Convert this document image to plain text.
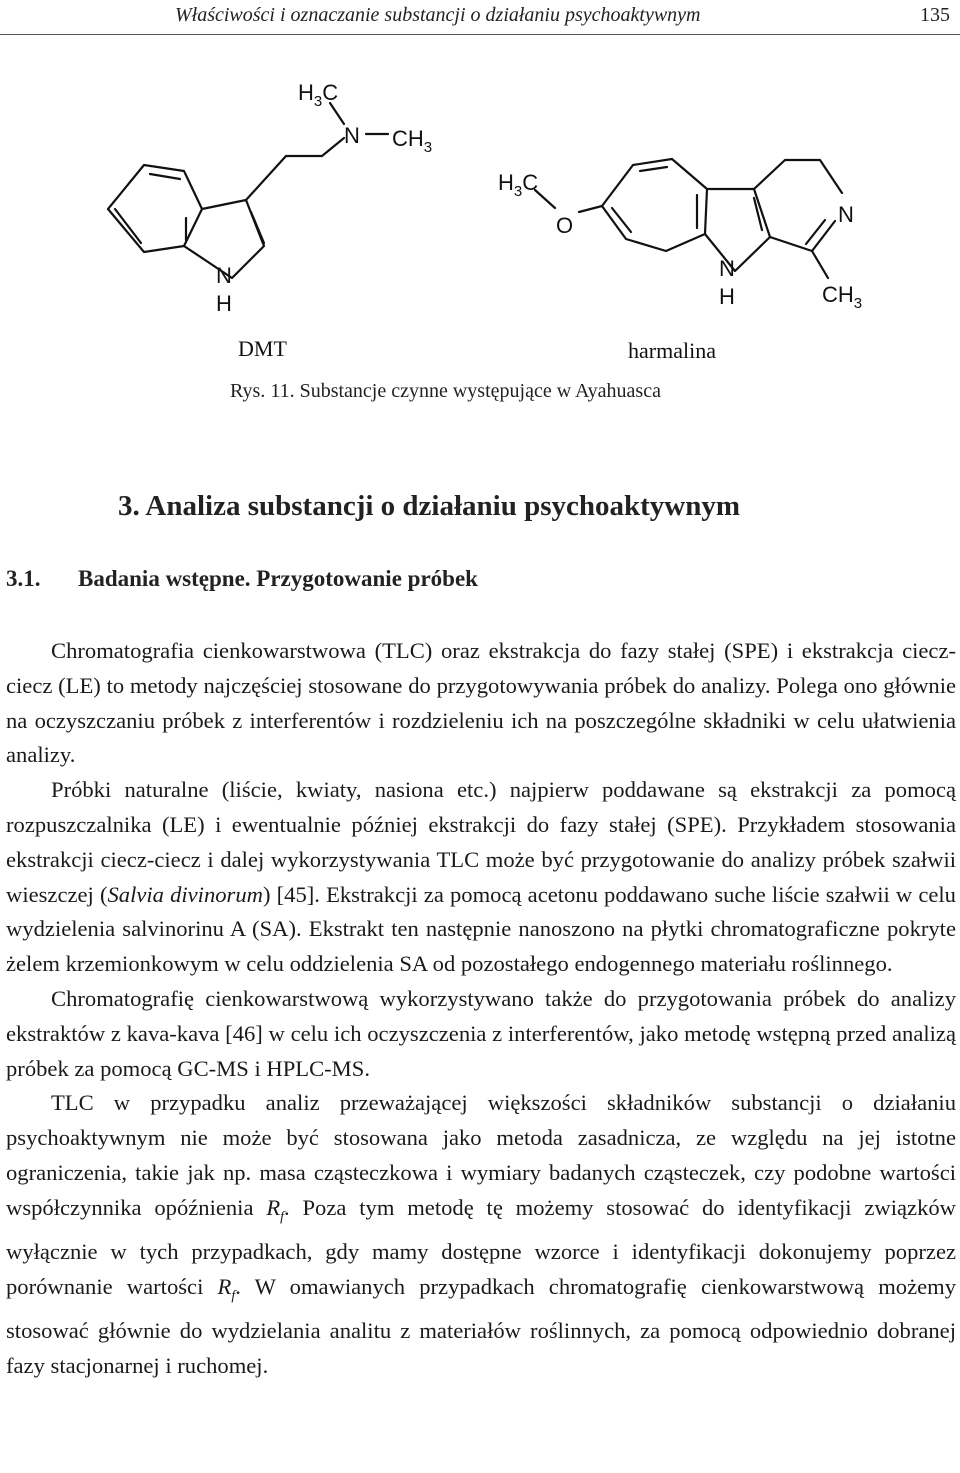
Właściwości i oznaczanie substancji o działaniu psychoaktywnym	135
$H_3C$
N $CH_3$
N
H
$H_3C$
O
N
H
N
$CH_3$
DMT	harmalina
Rys. 11. Substancje czynne występujące w Ayahuasca
3. Analiza substancji o działaniu psychoaktywnym
3.1. Badania wstępne. Przygotowanie próbek

Chromatografia cienkowarstwowa (TLC) oraz ekstrakcja do fazy stałej (SPE) i ekstrakcja ciecz-ciecz (LE) to metody najczęściej stosowane do przygotowywania próbek do analizy. Polega ono głównie na oczyszczaniu próbek z interferentów i rozdzieleniu ich na poszczególne składniki w celu ułatwienia analizy.

Próbki naturalne (liście, kwiaty, nasiona etc.) najpierw poddawane są ekstrakcji za pomocą rozpuszczalnika (LE) i ewentualnie później ekstrakcji do fazy stałej (SPE). Przykładem stosowania ekstrakcji ciecz-ciecz i dalej wykorzystywania TLC może być przygotowanie do analizy próbek szałwii wieszczej (Salvia divinorum) [45]. Ekstrakcji za pomocą acetonu poddawano suche liście szałwii w celu wydzielenia salvinorinu A (SA). Ekstrakt ten następnie nanoszono na płytki chromatograficzne pokryte żelem krzemionkowym w celu oddzielenia SA od pozostałego endogennego materiału roślinnego.

Chromatografię cienkowarstwową wykorzystywano także do przygotowania próbek do analizy ekstraktów z kava-kava [46] w celu ich oczyszczenia z interferentów, jako metodę wstępną przed analizą próbek za pomocą GC-MS i HPLC-MS.

TLC w przypadku analiz przeważającej większości składników substancji o działaniu psychoaktywnym nie może być stosowana jako metoda zasadnicza, ze względu na jej istotne ograniczenia, takie jak np. masa cząsteczkowa i wymiary badanych cząsteczek, czy podobne wartości współczynnika opóźnienia $R_f$. Poza tym metodę tę możemy stosować do identyfikacji związków wyłącznie w tych przypadkach, gdy mamy dostępne wzorce i identyfikacji dokonujemy poprzez porównanie wartości $R_f$. W omawianych przypadkach chromatografię cienkowarstwową możemy stosować głównie do wydzielania analitu z materiałów roślinnych, za pomocą odpowiednio dobranej fazy stacjonarnej i ruchomej.
